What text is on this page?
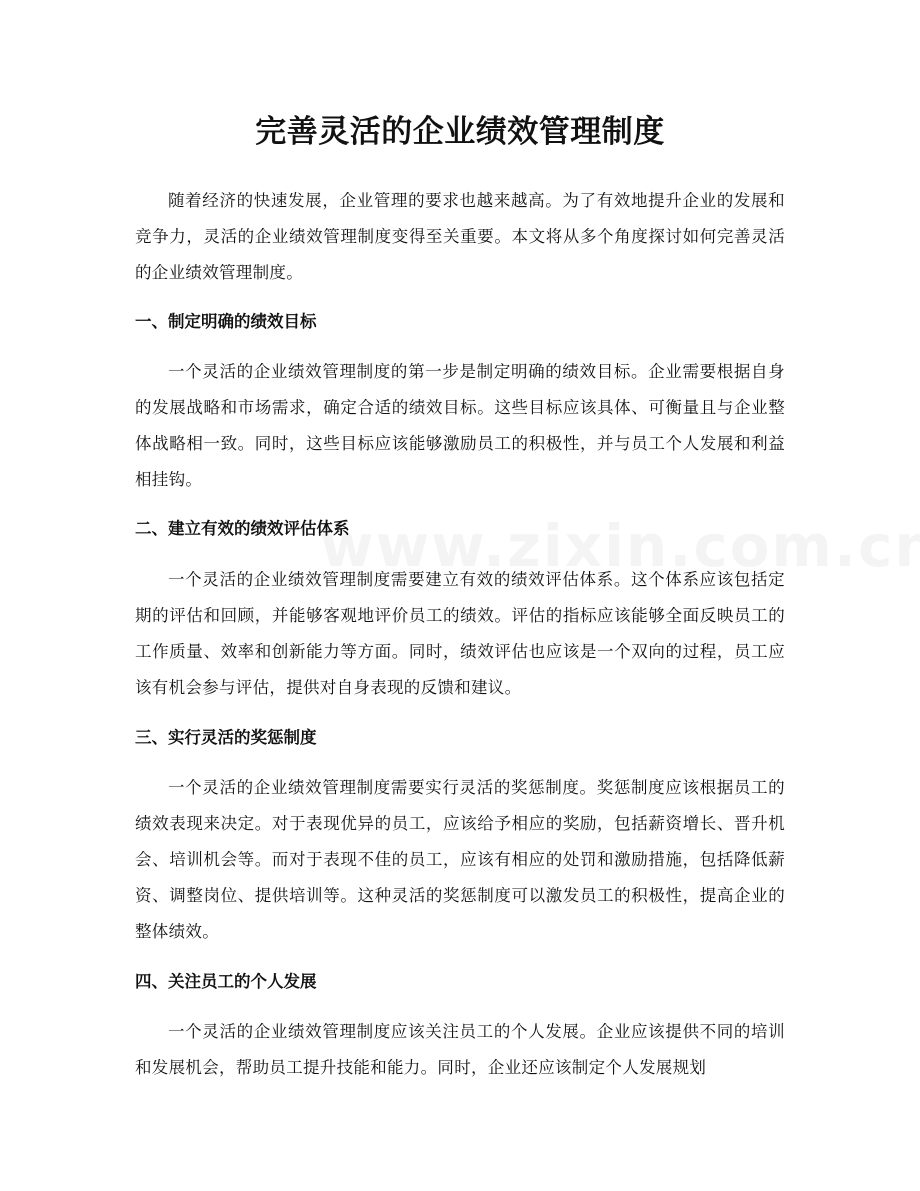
完善灵活的企业绩效管理制度

随着经济的快速发展，企业管理的要求也越来越高。为了有效地提升企业的发展和竞争力，灵活的企业绩效管理制度变得至关重要。本文将从多个角度探讨如何完善灵活的企业绩效管理制度。

一、制定明确的绩效目标

一个灵活的企业绩效管理制度的第一步是制定明确的绩效目标。企业需要根据自身的发展战略和市场需求，确定合适的绩效目标。这些目标应该具体、可衡量且与企业整体战略相一致。同时，这些目标应该能够激励员工的积极性，并与员工个人发展和利益相挂钩。

二、建立有效的绩效评估体系

一个灵活的企业绩效管理制度需要建立有效的绩效评估体系。这个体系应该包括定期的评估和回顾，并能够客观地评价员工的绩效。评估的指标应该能够全面反映员工的工作质量、效率和创新能力等方面。同时，绩效评估也应该是一个双向的过程，员工应该有机会参与评估，提供对自身表现的反馈和建议。

三、实行灵活的奖惩制度

一个灵活的企业绩效管理制度需要实行灵活的奖惩制度。奖惩制度应该根据员工的绩效表现来决定。对于表现优异的员工，应该给予相应的奖励，包括薪资增长、晋升机会、培训机会等。而对于表现不佳的员工，应该有相应的处罚和激励措施，包括降低薪资、调整岗位、提供培训等。这种灵活的奖惩制度可以激发员工的积极性，提高企业的整体绩效。

四、关注员工的个人发展

一个灵活的企业绩效管理制度应该关注员工的个人发展。企业应该提供不同的培训和发展机会，帮助员工提升技能和能力。同时，企业还应该制定个人发展规划
